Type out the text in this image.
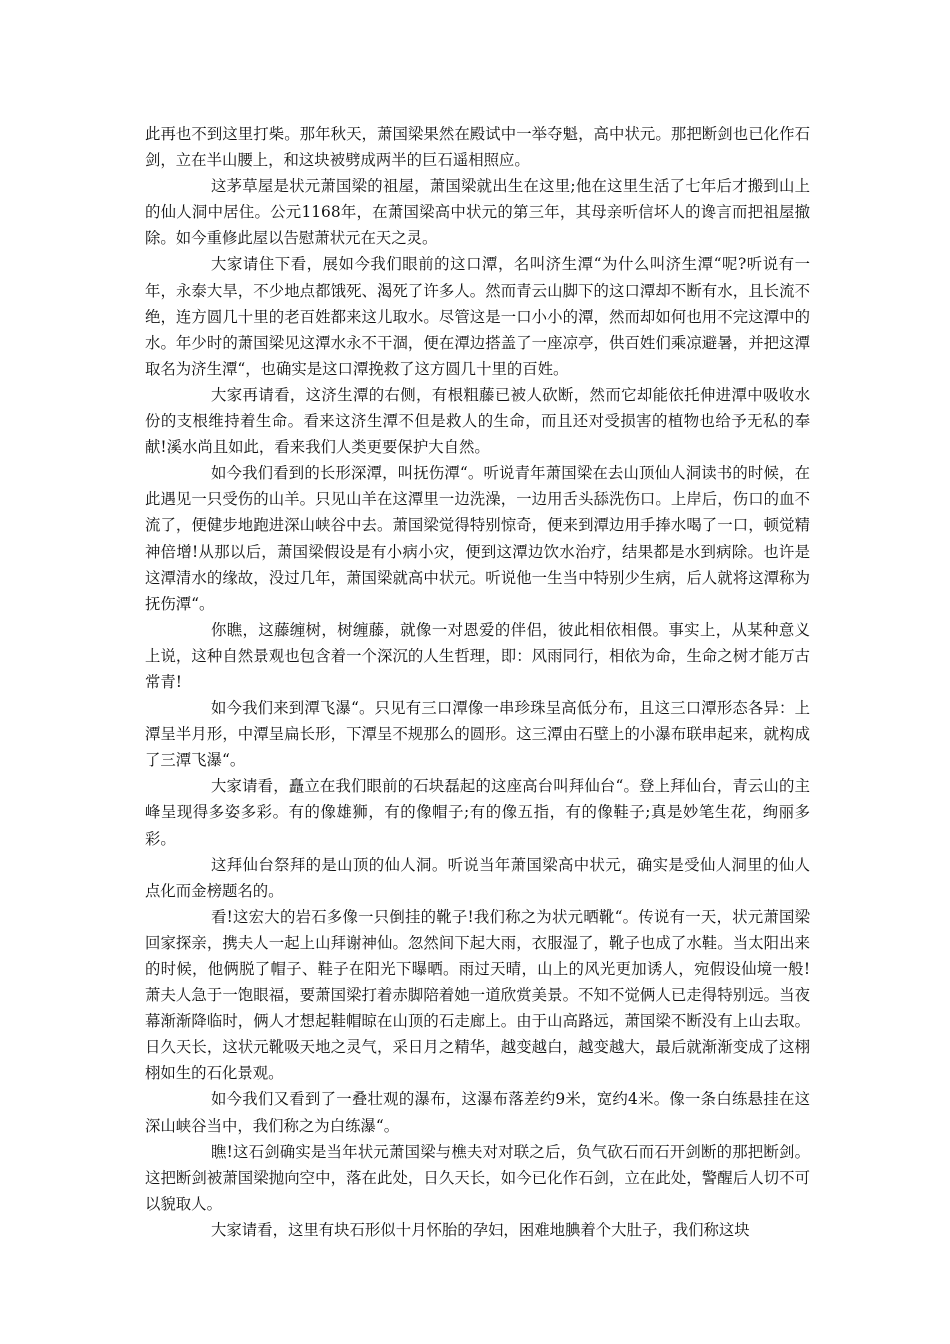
此再也不到这里打柴。那年秋天，萧国梁果然在殿试中一举夺魁，高中状元。那把断剑也已化作石剑，立在半山腰上，和这块被劈成两半的巨石遥相照应。

这茅草屋是状元萧国梁的祖屋，萧国梁就出生在这里;他在这里生活了七年后才搬到山上的仙人洞中居住。公元1168年，在萧国梁高中状元的第三年，其母亲听信坏人的谗言而把祖屋撤除。如今重修此屋以告慰萧状元在天之灵。

大家请住下看，展如今我们眼前的这口潭，名叫济生潭“为什么叫济生潭“呢?听说有一年，永泰大旱，不少地点都饿死、渴死了许多人。然而青云山脚下的这口潭却不断有水，且长流不绝，连方圆几十里的老百姓都来这儿取水。尽管这是一口小小的潭，然而却如何也用不完这潭中的水。年少时的萧国梁见这潭水永不干涸，便在潭边搭盖了一座凉亭，供百姓们乘凉避暑，并把这潭取名为济生潭“，也确实是这口潭挽救了这方圆几十里的百姓。

大家再请看，这济生潭的右侧，有根粗藤已被人砍断，然而它却能依托伸进潭中吸收水份的支根维持着生命。看来这济生潭不但是救人的生命，而且还对受损害的植物也给予无私的奉献!溪水尚且如此，看来我们人类更要保护大自然。

如今我们看到的长形深潭，叫抚伤潭“。听说青年萧国梁在去山顶仙人洞读书的时候，在此遇见一只受伤的山羊。只见山羊在这潭里一边洗澡，一边用舌头舔洗伤口。上岸后，伤口的血不流了，便健步地跑进深山峡谷中去。萧国梁觉得特别惊奇，便来到潭边用手捧水喝了一口，顿觉精神倍增!从那以后，萧国梁假设是有小病小灾，便到这潭边饮水治疗，结果都是水到病除。也许是这潭清水的缘故，没过几年，萧国梁就高中状元。听说他一生当中特别少生病，后人就将这潭称为抚伤潭“。

你瞧，这藤缠树，树缠藤，就像一对恩爱的伴侣，彼此相依相偎。事实上，从某种意义上说，这种自然景观也包含着一个深沉的人生哲理，即：风雨同行，相依为命，生命之树才能万古常青!

如今我们来到潭飞瀑“。只见有三口潭像一串珍珠呈高低分布，且这三口潭形态各异：上潭呈半月形，中潭呈扁长形，下潭呈不规那么的圆形。这三潭由石壁上的小瀑布联串起来，就构成了三潭飞瀑“。

大家请看，矗立在我们眼前的石块磊起的这座高台叫拜仙台“。登上拜仙台，青云山的主峰呈现得多姿多彩。有的像雄狮，有的像帽子;有的像五指，有的像鞋子;真是妙笔生花，绚丽多彩。

这拜仙台祭拜的是山顶的仙人洞。听说当年萧国梁高中状元，确实是受仙人洞里的仙人点化而金榜题名的。

看!这宏大的岩石多像一只倒挂的靴子!我们称之为状元晒靴“。传说有一天，状元萧国梁回家探亲，携夫人一起上山拜谢神仙。忽然间下起大雨，衣服湿了，靴子也成了水鞋。当太阳出来的时候，他俩脱了帽子、鞋子在阳光下曝晒。雨过天晴，山上的风光更加诱人，宛假设仙境一般!萧夫人急于一饱眼福，要萧国梁打着赤脚陪着她一道欣赏美景。不知不觉俩人已走得特别远。当夜幕渐渐降临时，俩人才想起鞋帽晾在山顶的石走廊上。由于山高路远，萧国梁不断没有上山去取。日久天长，这状元靴吸天地之灵气，采日月之精华，越变越白，越变越大，最后就渐渐变成了这栩栩如生的石化景观。

如今我们又看到了一叠壮观的瀑布，这瀑布落差约9米，宽约4米。像一条白练悬挂在这深山峡谷当中，我们称之为白练瀑“。

瞧!这石剑确实是当年状元萧国梁与樵夫对对联之后，负气砍石而石开剑断的那把断剑。这把断剑被萧国梁抛向空中，落在此处，日久天长，如今已化作石剑，立在此处，警醒后人切不可以貌取人。

大家请看，这里有块石形似十月怀胎的孕妇，困难地腆着个大肚子，我们称这块
